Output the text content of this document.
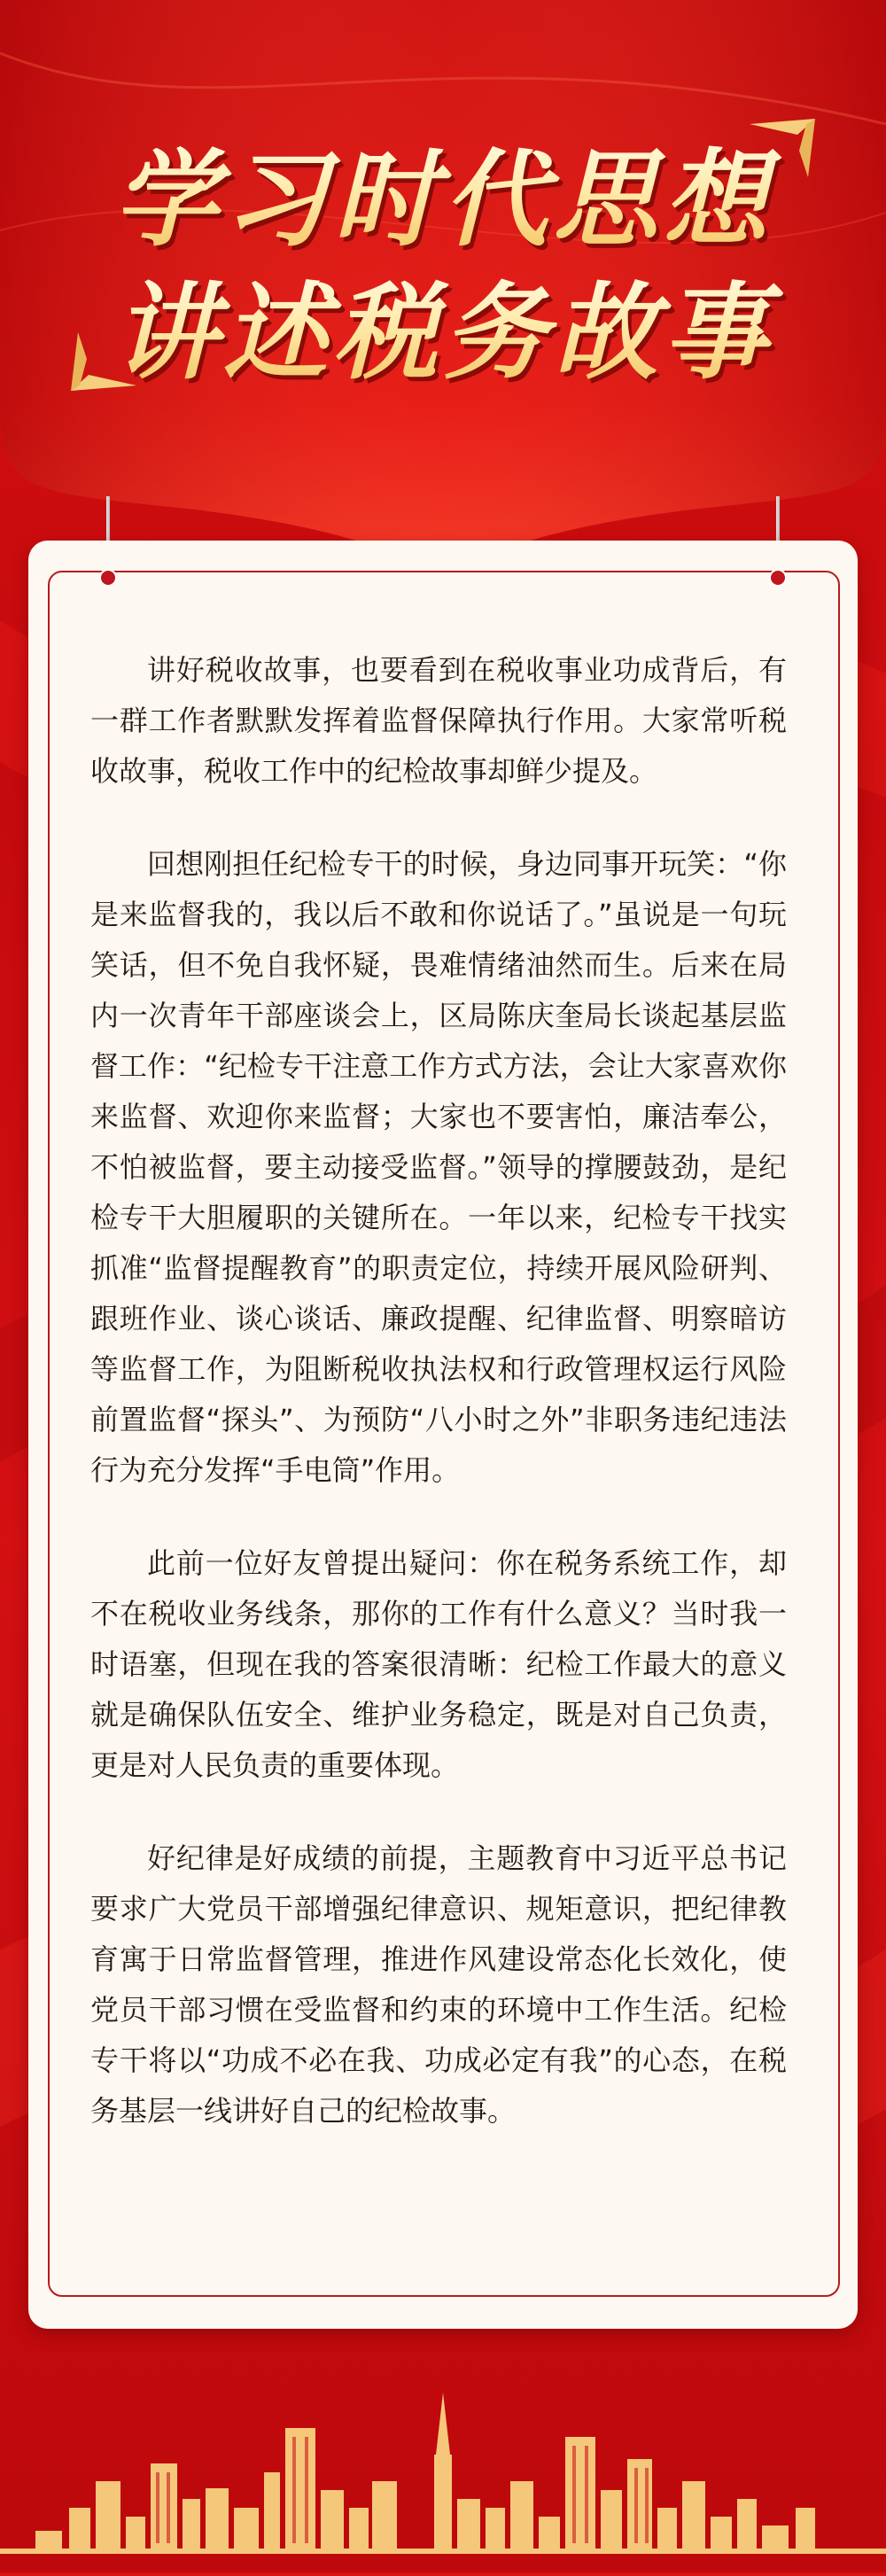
学习时代思想
讲述税务故事

讲好税收故事，也要看到在税收事业功成背后，有一群工作者默默发挥着监督保障执行作用。大家常听税收故事，税收工作中的纪检故事却鲜少提及。

回想刚担任纪检专干的时候，身边同事开玩笑：“你是来监督我的，我以后不敢和你说话了。”虽说是一句玩笑话，但不免自我怀疑，畏难情绪油然而生。后来在局内一次青年干部座谈会上，区局陈庆奎局长谈起基层监督工作：“纪检专干注意工作方式方法，会让大家喜欢你来监督、欢迎你来监督；大家也不要害怕，廉洁奉公，不怕被监督，要主动接受监督。”领导的撑腰鼓劲，是纪检专干大胆履职的关键所在。一年以来，纪检专干找实抓准“监督提醒教育”的职责定位，持续开展风险研判、跟班作业、谈心谈话、廉政提醒、纪律监督、明察暗访等监督工作，为阻断税收执法权和行政管理权运行风险前置监督“探头”、为预防“八小时之外”非职务违纪违法行为充分发挥“手电筒”作用。

此前一位好友曾提出疑问：你在税务系统工作，却不在税收业务线条，那你的工作有什么意义？当时我一时语塞，但现在我的答案很清晰：纪检工作最大的意义就是确保队伍安全、维护业务稳定，既是对自己负责，更是对人民负责的重要体现。

好纪律是好成绩的前提，主题教育中习近平总书记要求广大党员干部增强纪律意识、规矩意识，把纪律教育寓于日常监督管理，推进作风建设常态化长效化，使党员干部习惯在受监督和约束的环境中工作生活。纪检专干将以“功成不必在我、功成必定有我”的心态，在税务基层一线讲好自己的纪检故事。
